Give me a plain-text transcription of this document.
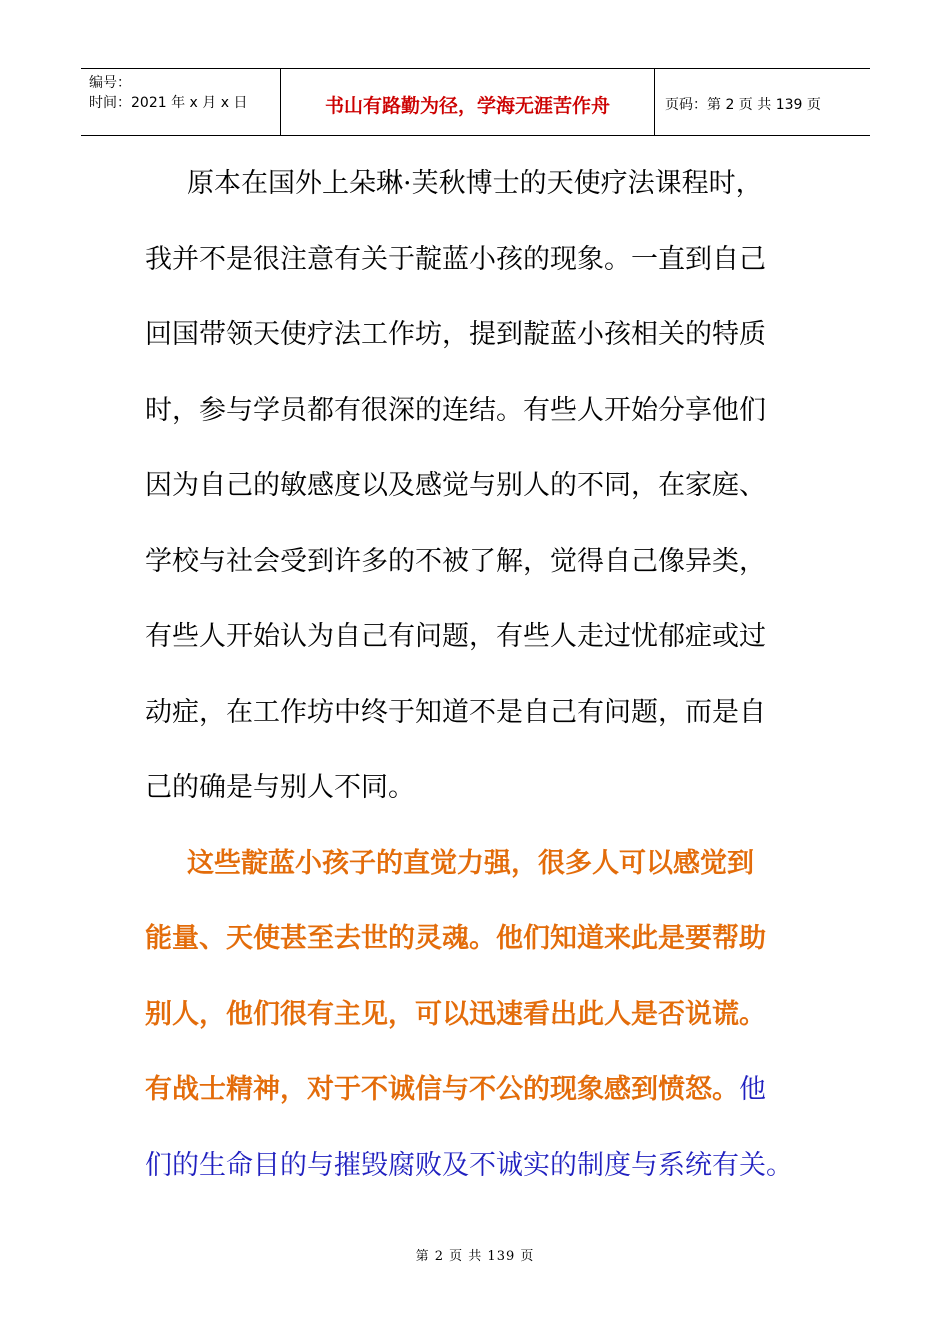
编号：
时间：2021 年 x 月 x 日	书山有路勤为径，学海无涯苦作舟	页码：第 2 页 共 139 页
原本在国外上朵琳·芙秋博士的天使疗法课程时，
我并不是很注意有关于靛蓝小孩的现象。一直到自己
回国带领天使疗法工作坊，提到靛蓝小孩相关的特质
时，参与学员都有很深的连结。有些人开始分享他们
因为自己的敏感度以及感觉与别人的不同，在家庭、
学校与社会受到许多的不被了解，觉得自己像异类，
有些人开始认为自己有问题，有些人走过忧郁症或过
动症，在工作坊中终于知道不是自己有问题，而是自
己的确是与别人不同。
这些靛蓝小孩子的直觉力强，很多人可以感觉到
能量、天使甚至去世的灵魂。他们知道来此是要帮助
别人，他们很有主见，可以迅速看出此人是否说谎。
有战士精神，对于不诚信与不公的现象感到愤怒。他
们的生命目的与摧毁腐败及不诚实的制度与系统有关。
第 2 页 共 139 页
